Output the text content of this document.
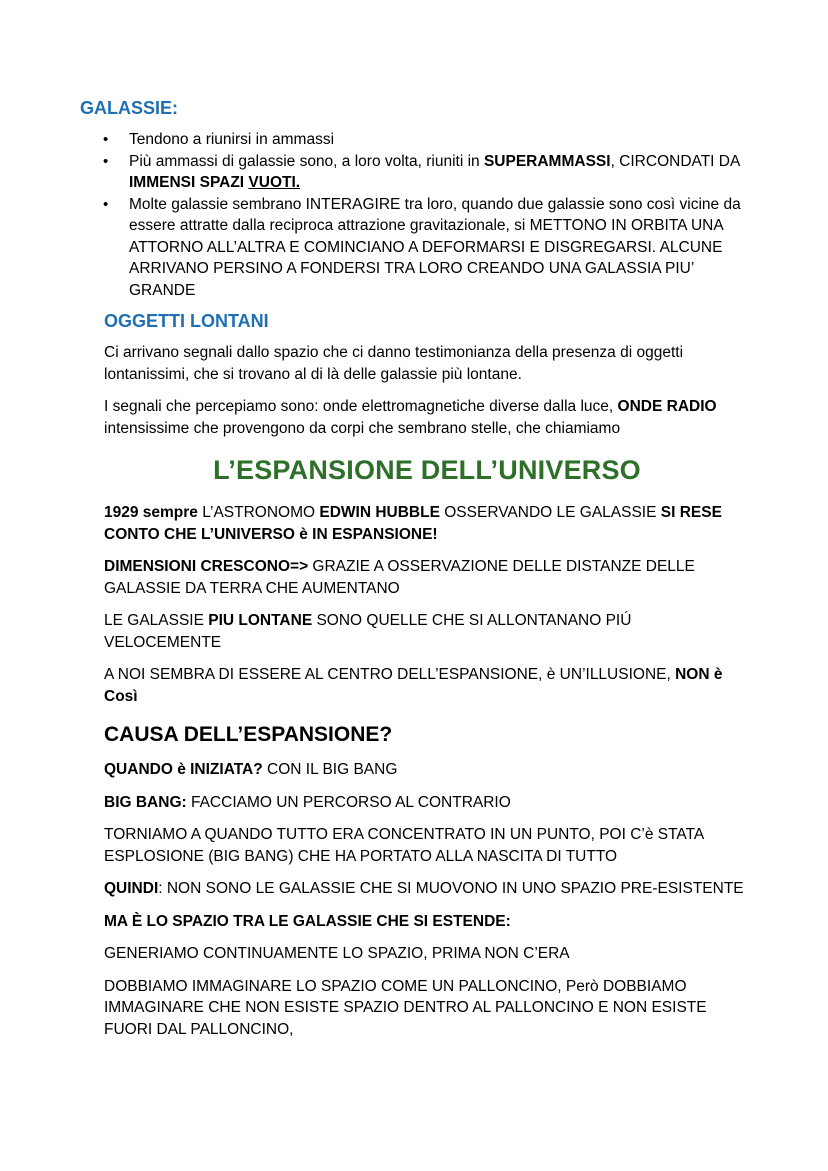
GALASSIE:
• Tendono a riunirsi in ammassi
• Più ammassi di galassie sono, a loro volta, riuniti in SUPERAMMASSI, CIRCONDATI DA IMMENSI SPAZI VUOTI.
• Molte galassie sembrano INTERAGIRE tra loro, quando due galassie sono così vicine da essere attratte dalla reciproca attrazione gravitazionale, si METTONO IN ORBITA UNA ATTORNO ALL’ALTRA E COMINCIANO A DEFORMARSI E DISGREGARSI. ALCUNE ARRIVANO PERSINO A FONDERSI TRA LORO CREANDO UNA GALASSIA PIU’ GRANDE
OGGETTI LONTANI

Ci arrivano segnali dallo spazio che ci danno testimonianza della presenza di oggetti lontanissimi, che si trovano al di là delle galassie più lontane.

I segnali che percepiamo sono: onde elettromagnetiche diverse dalla luce, ONDE RADIO intensissime che provengono da corpi che sembrano stelle, che chiamiamo

L’ESPANSIONE DELL’UNIVERSO

1929 sempre L’ASTRONOMO EDWIN HUBBLE OSSERVANDO LE GALASSIE SI RESE CONTO CHE L’UNIVERSO è IN ESPANSIONE!

DIMENSIONI CRESCONO=> GRAZIE A OSSERVAZIONE DELLE DISTANZE DELLE GALASSIE DA TERRA CHE AUMENTANO

LE GALASSIE PIU LONTANE SONO QUELLE CHE SI ALLONTANANO PIÚ VELOCEMENTE

A NOI SEMBRA DI ESSERE AL CENTRO DELL’ESPANSIONE, è UN’ILLUSIONE, NON è Così

CAUSA DELL’ESPANSIONE?

QUANDO è INIZIATA? CON IL BIG BANG

BIG BANG: FACCIAMO UN PERCORSO AL CONTRARIO

TORNIAMO A QUANDO TUTTO ERA CONCENTRATO IN UN PUNTO, POI C’è STATA ESPLOSIONE (BIG BANG) CHE HA PORTATO ALLA NASCITA DI TUTTO

QUINDI: NON SONO LE GALASSIE CHE SI MUOVONO IN UNO SPAZIO PRE-ESISTENTE

MA È LO SPAZIO TRA LE GALASSIE CHE SI ESTENDE:

GENERIAMO CONTINUAMENTE LO SPAZIO, PRIMA NON C’ERA

DOBBIAMO IMMAGINARE LO SPAZIO COME UN PALLONCINO, Però DOBBIAMO IMMAGINARE CHE NON ESISTE SPAZIO DENTRO AL PALLONCINO E NON ESISTE FUORI DAL PALLONCINO,
